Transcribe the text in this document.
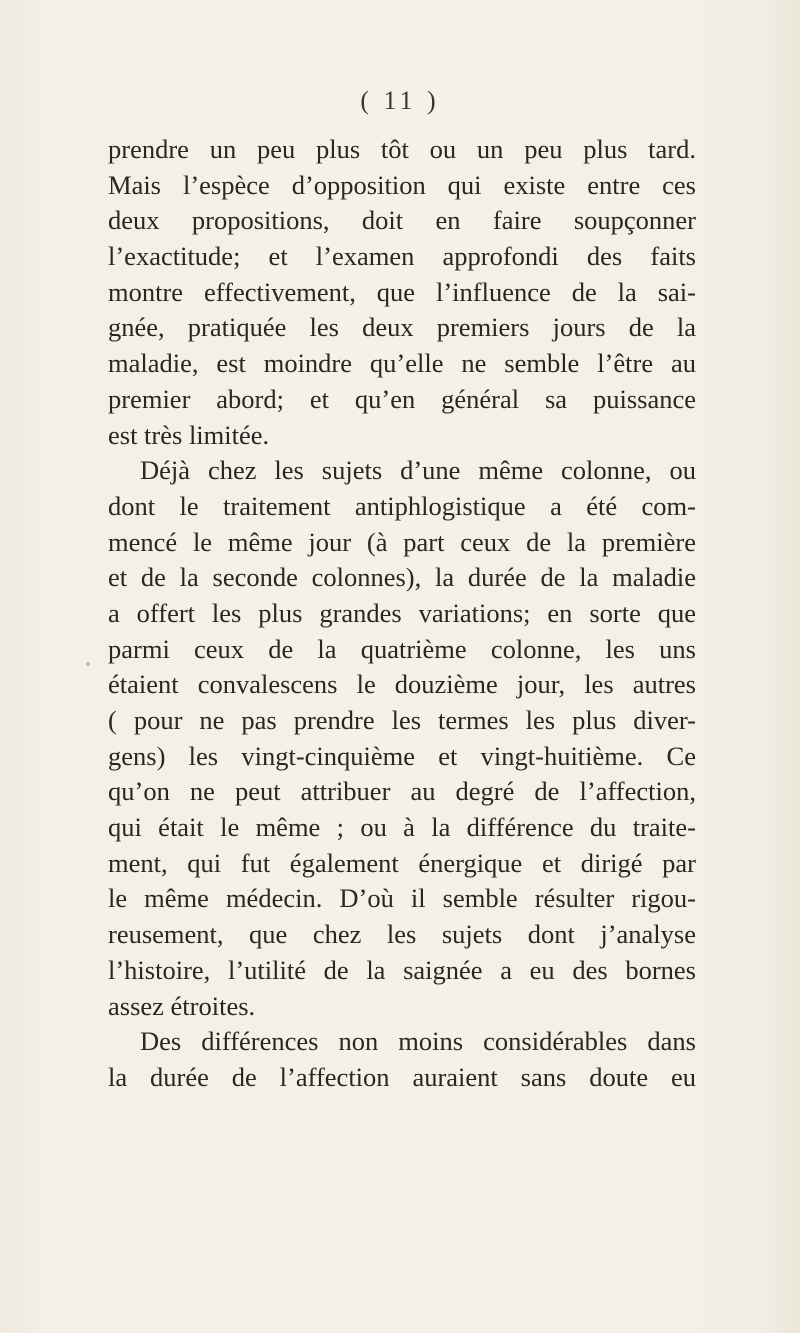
( 11 )
prendre un peu plus tôt ou un peu plus tard.
Mais l’espèce d’opposition qui existe entre ces
deux propositions, doit en faire soupçonner
l’exactitude; et l’examen approfondi des faits
montre effectivement, que l’influence de la sai-
gnée, pratiquée les deux premiers jours de la
maladie, est moindre qu’elle ne semble l’être au
premier abord; et qu’en général sa puissance
est très limitée.
Déjà chez les sujets d’une même colonne, ou
dont le traitement antiphlogistique a été com-
mencé le même jour (à part ceux de la première
et de la seconde colonnes), la durée de la maladie
a offert les plus grandes variations; en sorte que
parmi ceux de la quatrième colonne, les uns
étaient convalescens le douzième jour, les autres
( pour ne pas prendre les termes les plus diver-
gens) les vingt-cinquième et vingt-huitième. Ce
qu’on ne peut attribuer au degré de l’affection,
qui était le même ; ou à la différence du traite-
ment, qui fut également énergique et dirigé par
le même médecin. D’où il semble résulter rigou-
reusement, que chez les sujets dont j’analyse
l’histoire, l’utilité de la saignée a eu des bornes
assez étroites.
Des différences non moins considérables dans
la durée de l’affection auraient sans doute eu
